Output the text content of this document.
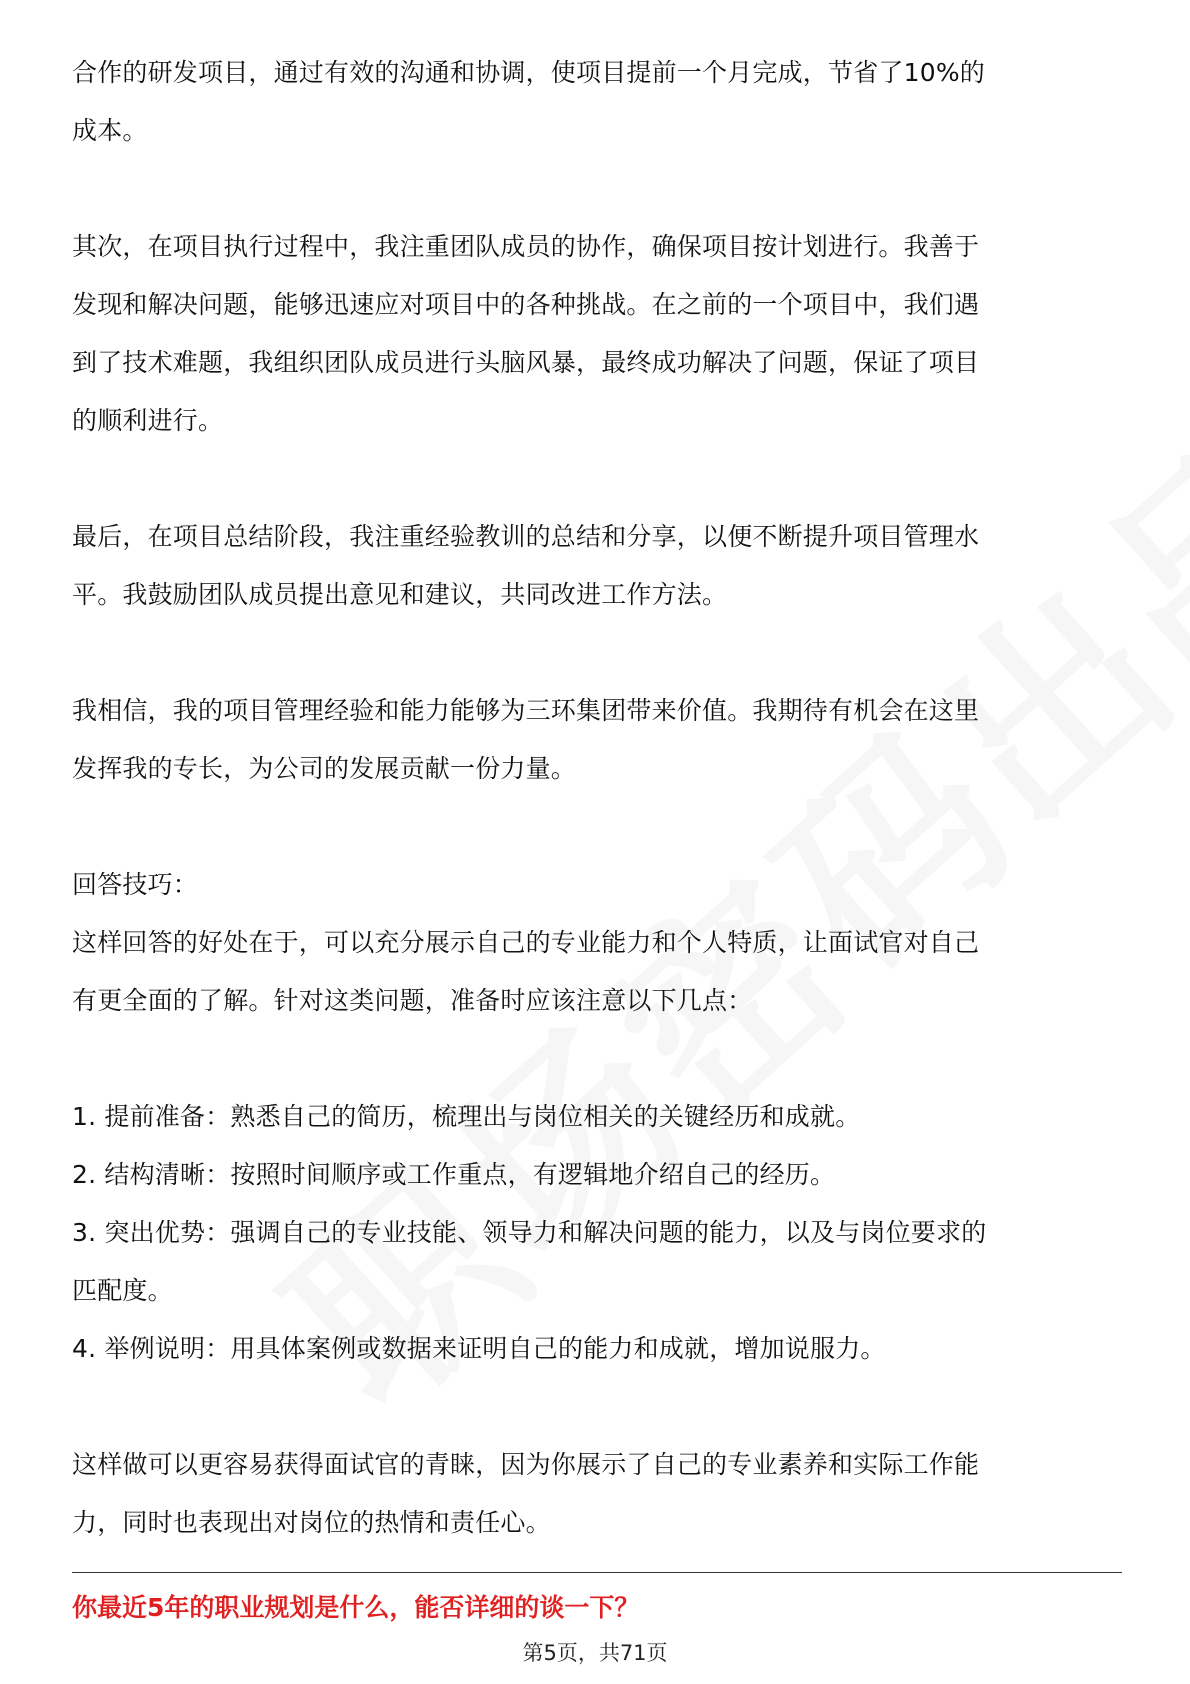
合作的研发项目，通过有效的沟通和协调，使项目提前一个月完成，节省了10%的

成本。

其次，在项目执行过程中，我注重团队成员的协作，确保项目按计划进行。我善于

发现和解决问题，能够迅速应对项目中的各种挑战。在之前的一个项目中，我们遇

到了技术难题，我组织团队成员进行头脑风暴，最终成功解决了问题，保证了项目

的顺利进行。

最后，在项目总结阶段，我注重经验教训的总结和分享，以便不断提升项目管理水

平。我鼓励团队成员提出意见和建议，共同改进工作方法。

我相信，我的项目管理经验和能力能够为三环集团带来价值。我期待有机会在这里

发挥我的专长，为公司的发展贡献一份力量。

回答技巧：

这样回答的好处在于，可以充分展示自己的专业能力和个人特质，让面试官对自己

有更全面的了解。针对这类问题，准备时应该注意以下几点：

1. 提前准备：熟悉自己的简历，梳理出与岗位相关的关键经历和成就。

2. 结构清晰：按照时间顺序或工作重点，有逻辑地介绍自己的经历。

3. 突出优势：强调自己的专业技能、领导力和解决问题的能力，以及与岗位要求的

匹配度。

4. 举例说明：用具体案例或数据来证明自己的能力和成就，增加说服力。

这样做可以更容易获得面试官的青睐，因为你展示了自己的专业素养和实际工作能

力，同时也表现出对岗位的热情和责任心。

你最近5年的职业规划是什么，能否详细的谈一下？

第5页，共71页
